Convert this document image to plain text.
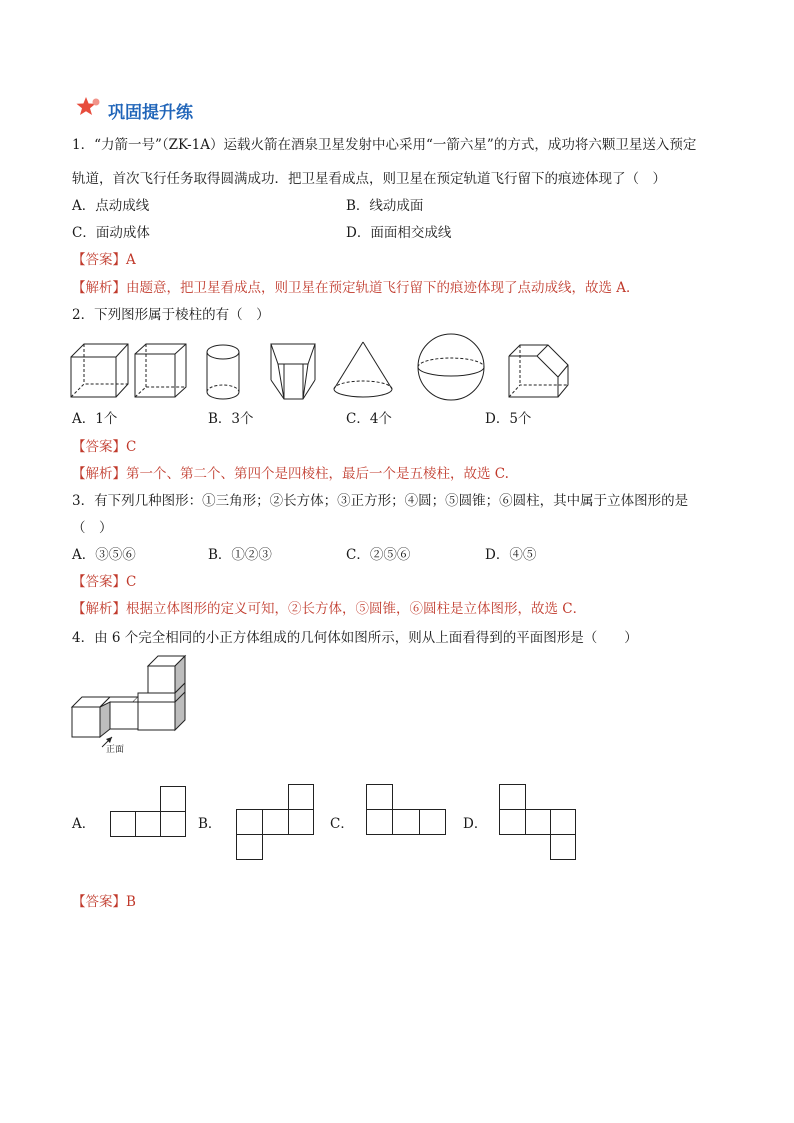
巩固提升练
1．“力箭一号”（ZK-1A）运载火箭在酒泉卫星发射中心采用“一箭六星”的方式，成功将六颗卫星送入预定
轨道，首次飞行任务取得圆满成功．把卫星看成点，则卫星在预定轨道飞行留下的痕迹体现了（　）
A．点动成线	B．线动成面
C．面动成体	D．面面相交成线
【答案】A
【解析】由题意，把卫星看成点，则卫星在预定轨道飞行留下的痕迹体现了点动成线，故选 A．
2．下列图形属于棱柱的有（　）
A．1个	B．3个	C．4个	D．5个
【答案】C
【解析】第一个、第二个、第四个是四棱柱，最后一个是五棱柱，故选 C.
3．有下列几种图形：①三角形；②长方体；③正方形；④圆；⑤圆锥；⑥圆柱，其中属于立体图形的是
（　）
A．③⑤⑥	B．①②③	C．②⑤⑥	D．④⑤
【答案】C
【解析】根据立体图形的定义可知，②长方体，⑤圆锥，⑥圆柱是立体图形，故选 C．
4．由 6 个完全相同的小正方体组成的几何体如图所示，则从上面看得到的平面图形是（　　）
正面
A．	B．	C．	D．
【答案】B
